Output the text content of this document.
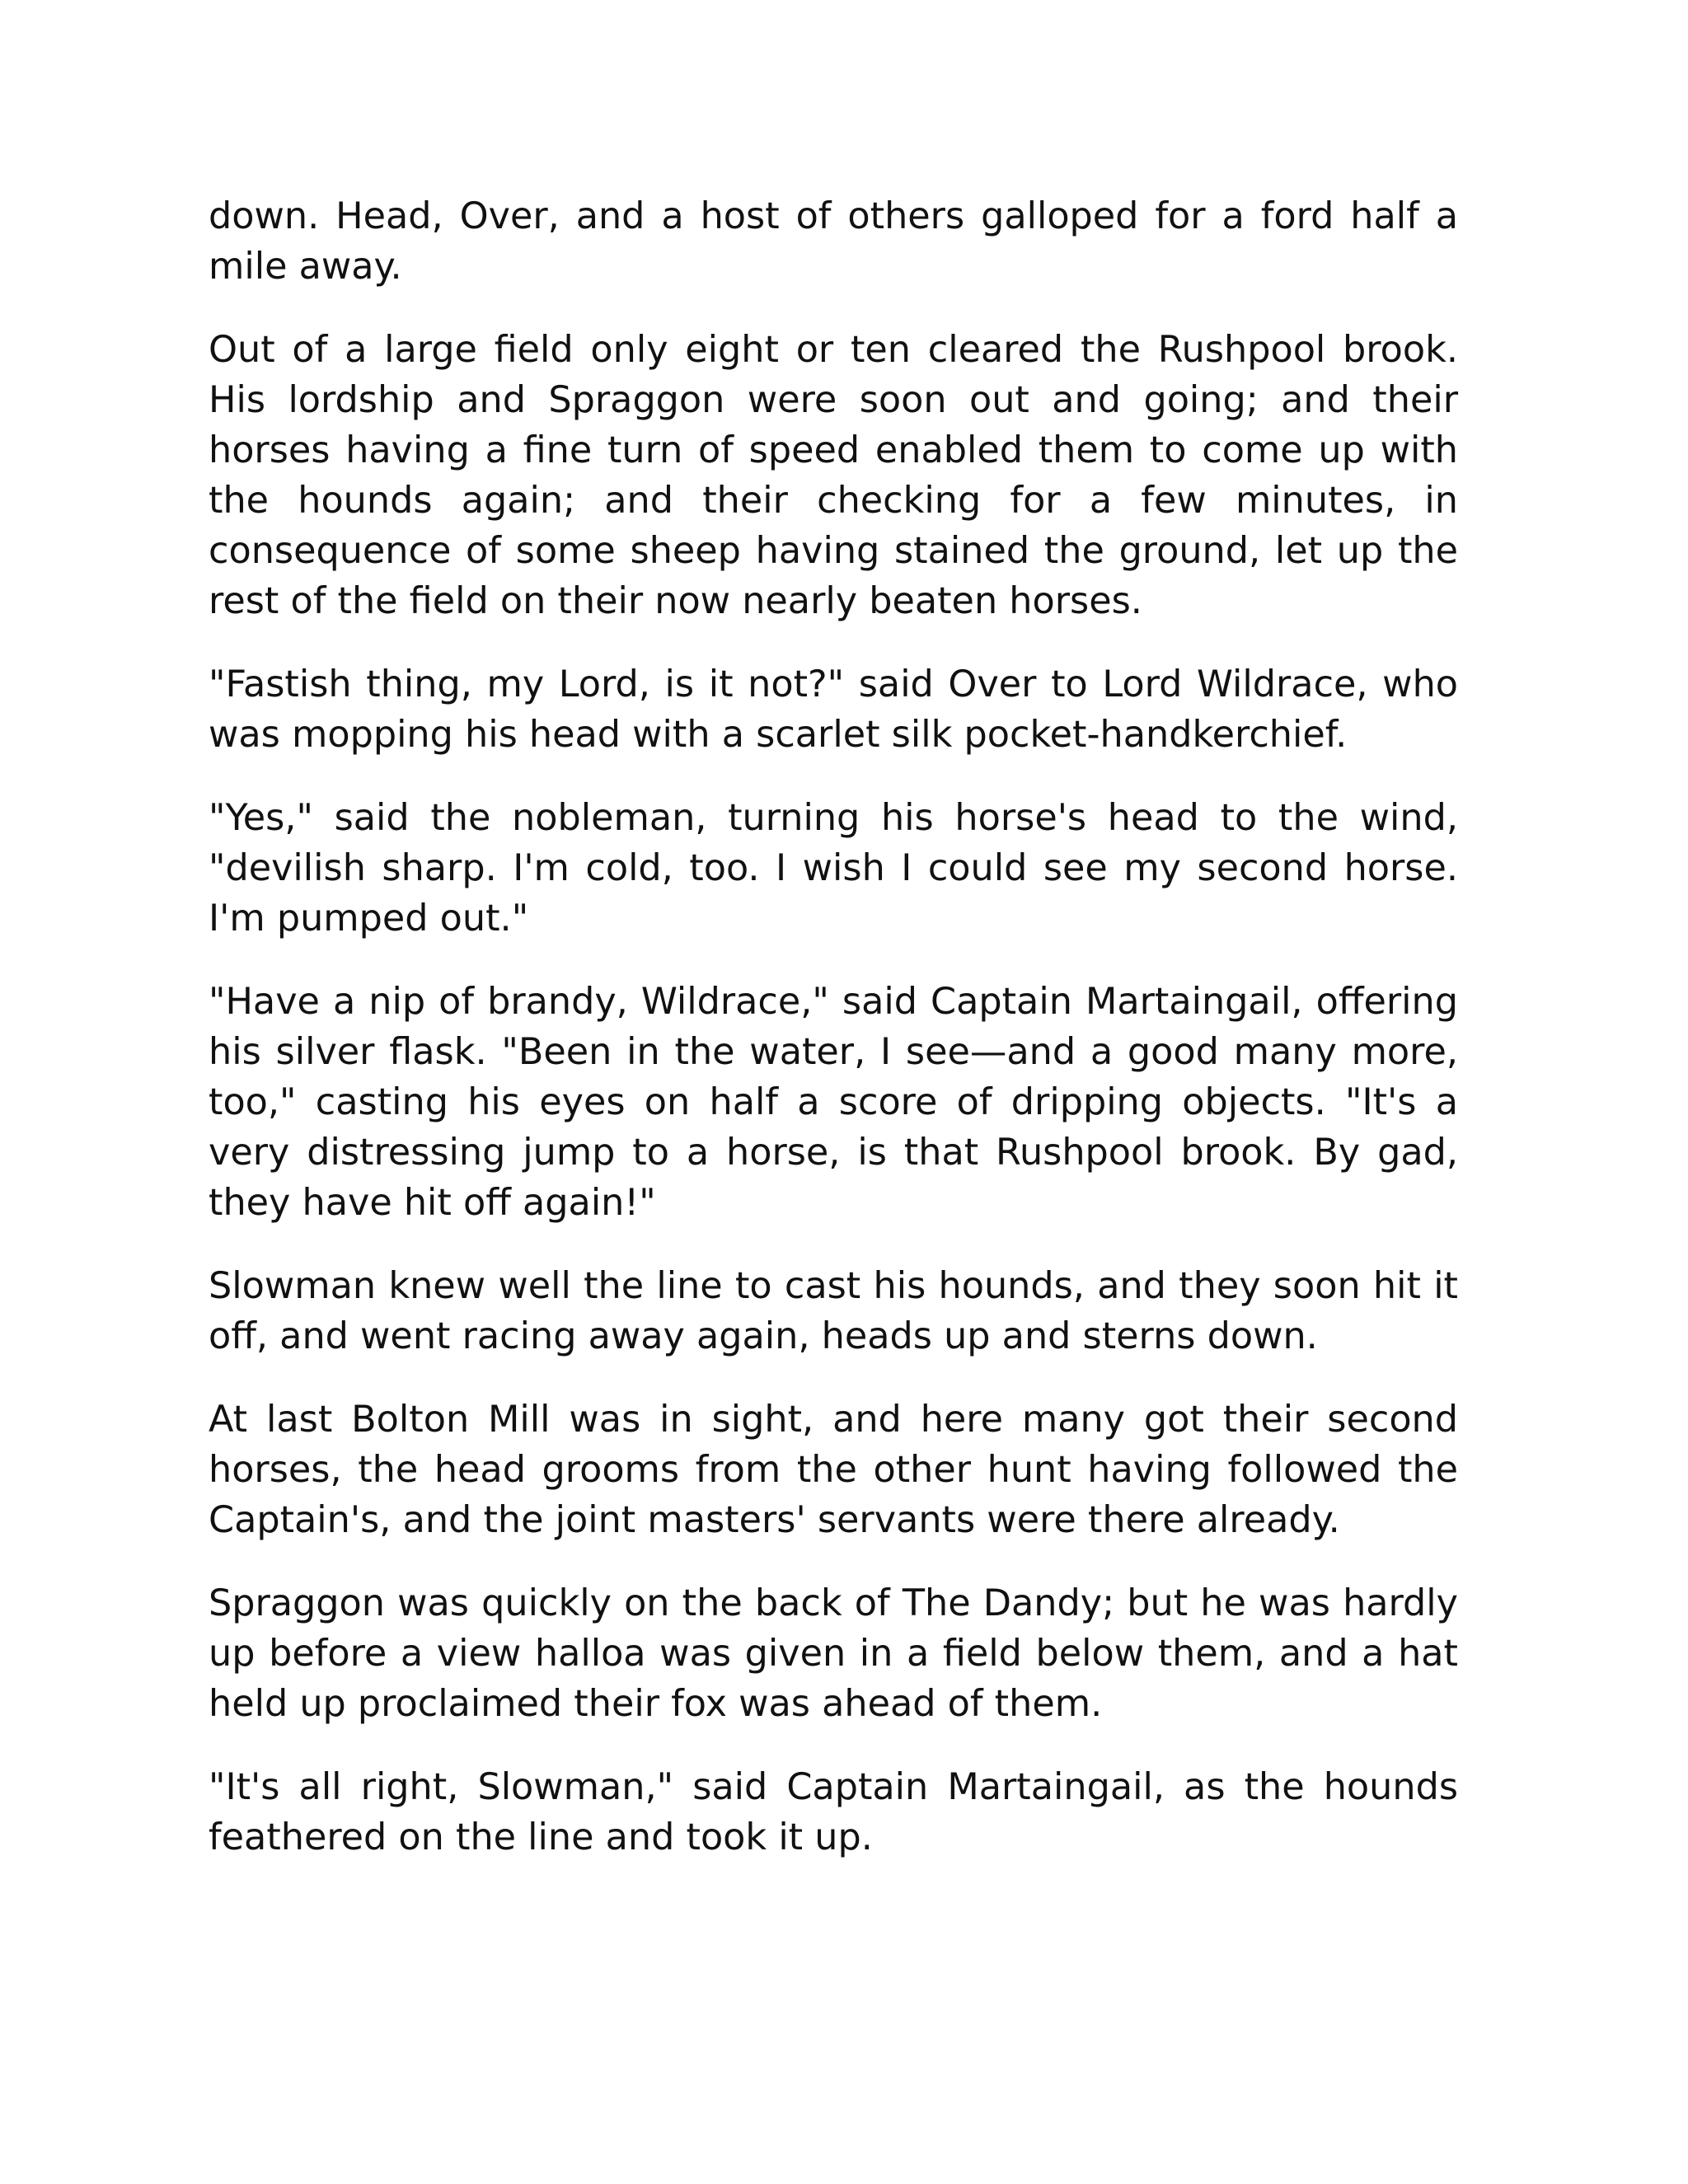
down. Head, Over, and a host of others galloped for a ford half a mile away.

Out of a large field only eight or ten cleared the Rushpool brook. His lordship and Spraggon were soon out and going; and their horses having a fine turn of speed enabled them to come up with the hounds again; and their checking for a few minutes, in consequence of some sheep having stained the ground, let up the rest of the field on their now nearly beaten horses.

"Fastish thing, my Lord, is it not?" said Over to Lord Wildrace, who was mopping his head with a scarlet silk pocket-handkerchief.

"Yes," said the nobleman, turning his horse's head to the wind, "devilish sharp. I'm cold, too. I wish I could see my second horse. I'm pumped out."

"Have a nip of brandy, Wildrace," said Captain Martaingail, offering his silver flask. "Been in the water, I see—and a good many more, too," casting his eyes on half a score of dripping objects. "It's a very distressing jump to a horse, is that Rushpool brook. By gad, they have hit off again!"

Slowman knew well the line to cast his hounds, and they soon hit it off, and went racing away again, heads up and sterns down.

At last Bolton Mill was in sight, and here many got their second horses, the head grooms from the other hunt having followed the Captain's, and the joint masters' servants were there already.

Spraggon was quickly on the back of The Dandy; but he was hardly up before a view halloa was given in a field below them, and a hat held up proclaimed their fox was ahead of them.

"It's all right, Slowman," said Captain Martaingail, as the hounds feathered on the line and took it up.
